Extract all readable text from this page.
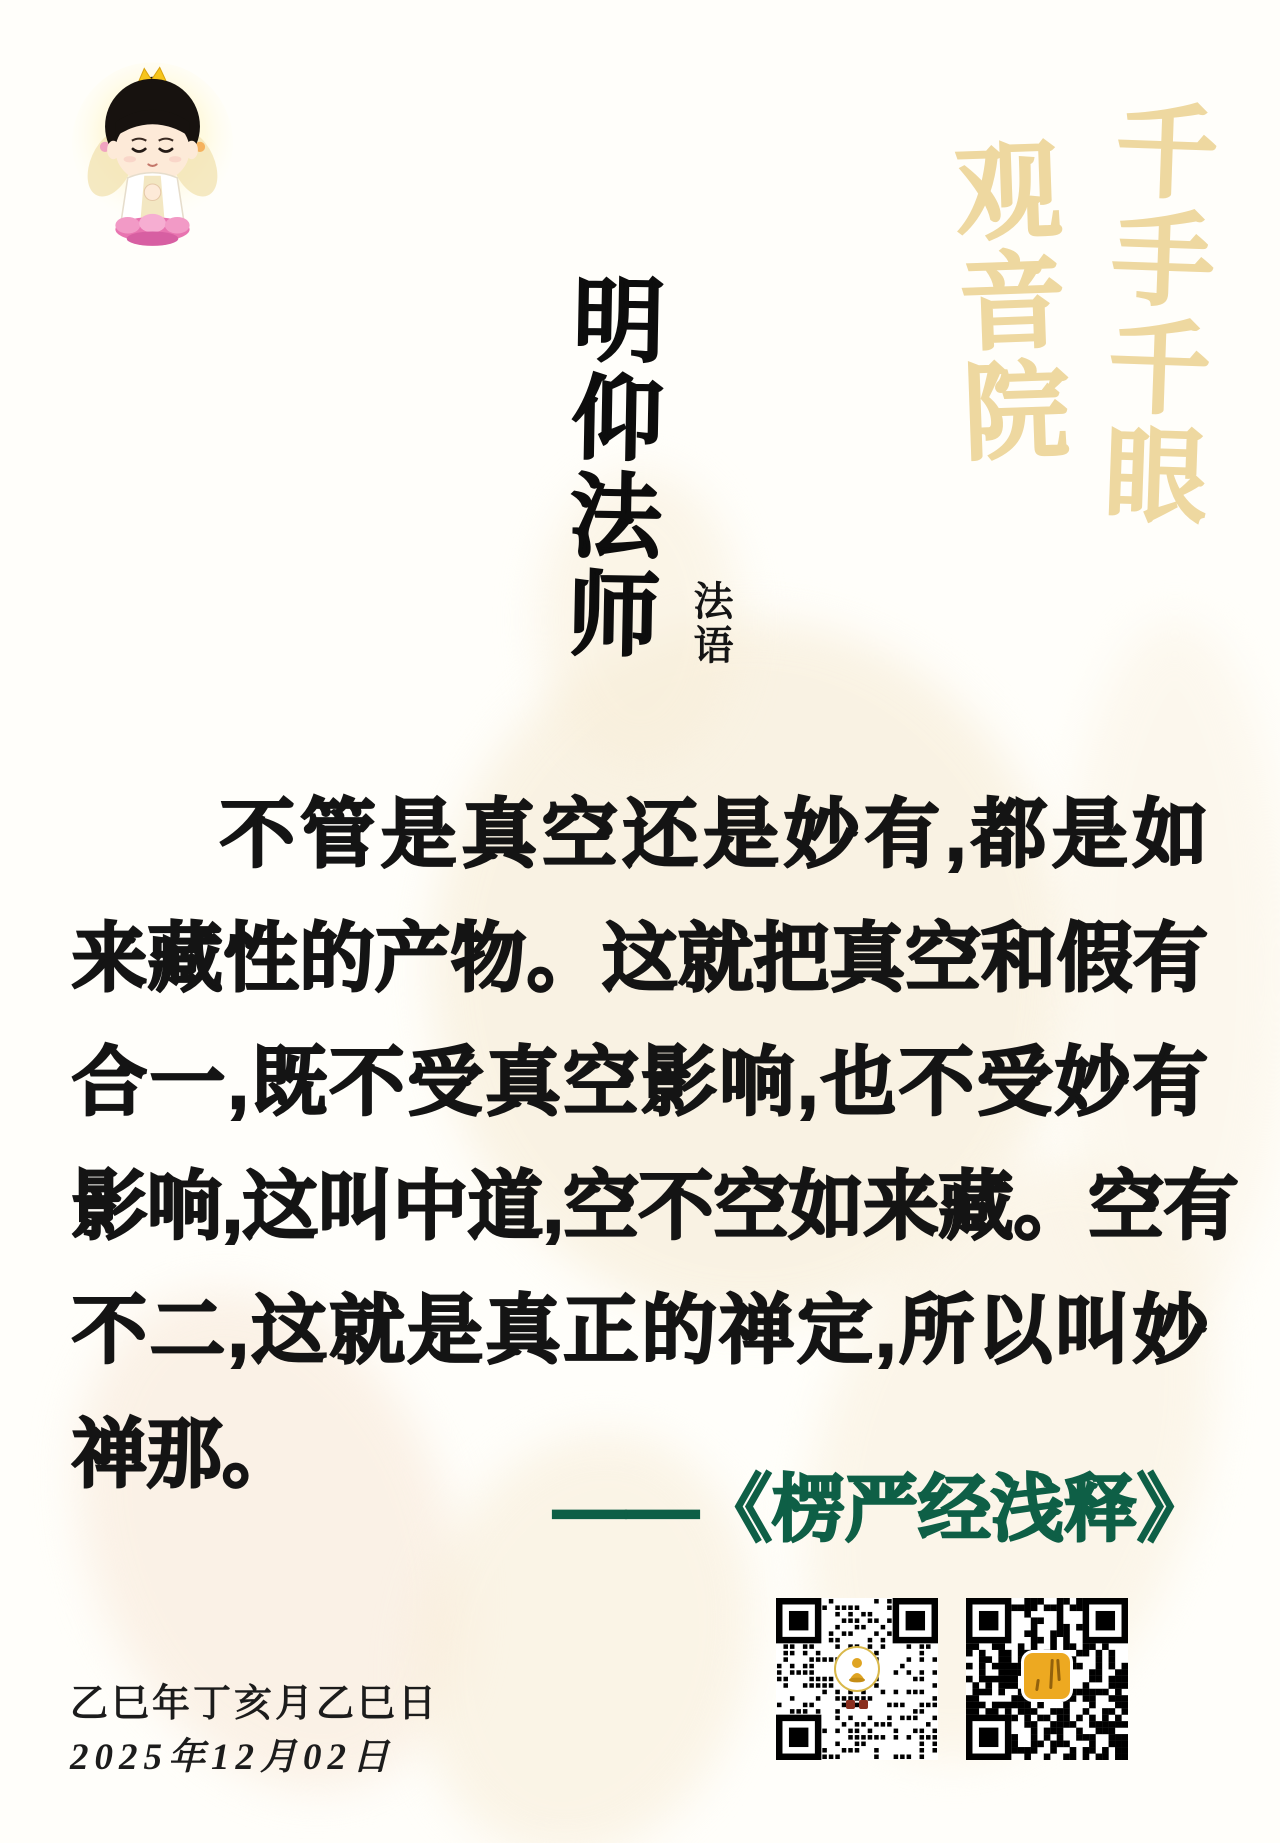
千手千眼
观音院
明仰法师 法语
不管是真空还是妙有,都是如
来藏性的产物。这就把真空和假有
合一,既不受真空影响,也不受妙有
影响,这叫中道,空不空如来藏。空有
不二,这就是真正的禅定,所以叫妙
禅那。
——《楞严经浅释》
乙巳年丁亥月乙巳日
2025年12月02日
